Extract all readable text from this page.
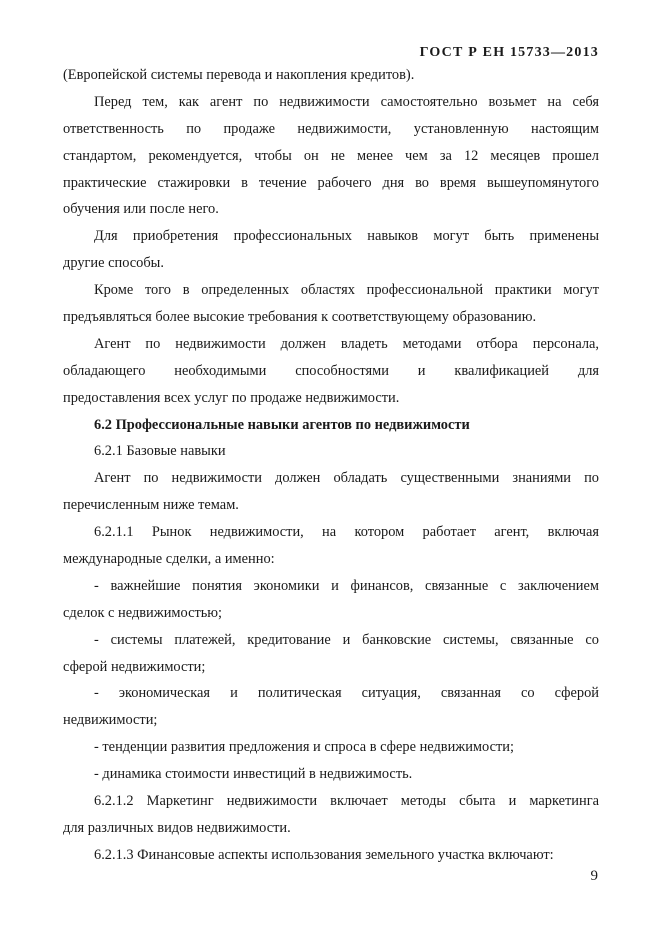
ГОСТ Р ЕН 15733—2013
(Европейской системы перевода и накопления кредитов).
Перед тем, как агент по недвижимости самостоятельно возьмет на себя
ответственность по продаже недвижимости, установленную настоящим
стандартом, рекомендуется, чтобы он не менее чем за 12 месяцев прошел
практические стажировки в течение рабочего дня во время вышеупомянутого
обучения или после него.
Для приобретения профессиональных навыков могут быть применены
другие способы.
Кроме того в определенных областях профессиональной практики могут
предъявляться более высокие требования к соответствующему образованию.
Агент по недвижимости должен владеть методами отбора персонала,
обладающего необходимыми способностями и квалификацией для
предоставления всех услуг по продаже недвижимости.
6.2 Профессиональные навыки агентов по недвижимости
6.2.1 Базовые навыки
Агент по недвижимости должен обладать существенными знаниями по
перечисленным ниже темам.
6.2.1.1 Рынок недвижимости, на котором работает агент, включая
международные сделки, а именно:
- важнейшие понятия экономики и финансов, связанные с заключением
сделок с недвижимостью;
- системы платежей, кредитование и банковские системы, связанные со
сферой недвижимости;
- экономическая и политическая ситуация, связанная со сферой
недвижимости;
- тенденции развития предложения и спроса в сфере недвижимости;
- динамика стоимости инвестиций в недвижимость.
6.2.1.2 Маркетинг недвижимости включает методы сбыта и маркетинга
для различных видов недвижимости.
6.2.1.3 Финансовые аспекты использования земельного участка включают:
9
